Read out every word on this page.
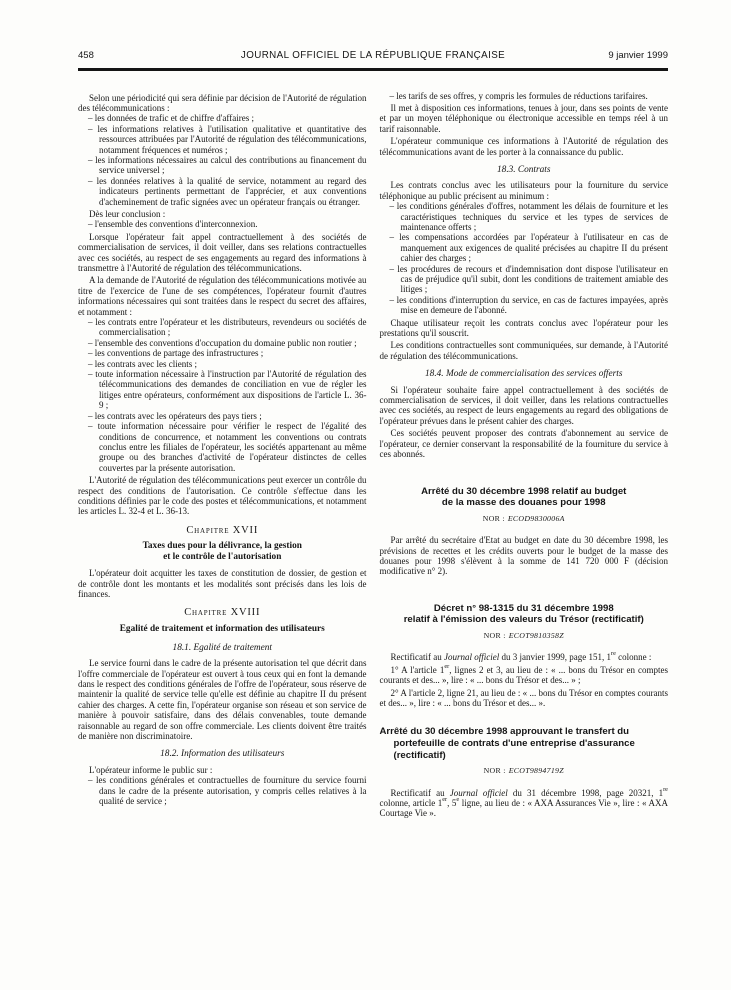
458	JOURNAL OFFICIEL DE LA RÉPUBLIQUE FRANÇAISE	9 janvier 1999

Selon une périodicité qui sera définie par décision de l'Autorité de régulation des télécommunications :

– les données de trafic et de chiffre d'affaires ;

– les informations relatives à l'utilisation qualitative et quantitative des ressources attribuées par l'Autorité de régulation des télécommunications, notamment fréquences et numéros ;

– les informations nécessaires au calcul des contributions au financement du service universel ;

– les données relatives à la qualité de service, notamment au regard des indicateurs pertinents permettant de l'apprécier, et aux conventions d'acheminement de trafic signées avec un opérateur français ou étranger.

Dès leur conclusion :

– l'ensemble des conventions d'interconnexion.

Lorsque l'opérateur fait appel contractuellement à des sociétés de commercialisation de services, il doit veiller, dans ses relations contractuelles avec ces sociétés, au respect de ses engagements au regard des informations à transmettre à l'Autorité de régulation des télécommunications.

A la demande de l'Autorité de régulation des télécommunications motivée au titre de l'exercice de l'une de ses compétences, l'opérateur fournit d'autres informations nécessaires qui sont traitées dans le respect du secret des affaires, et notamment :

– les contrats entre l'opérateur et les distributeurs, revendeurs ou sociétés de commercialisation ;

– l'ensemble des conventions d'occupation du domaine public non routier ;

– les conventions de partage des infrastructures ;

– les contrats avec les clients ;

– toute information nécessaire à l'instruction par l'Autorité de régulation des télécommunications des demandes de conciliation en vue de régler les litiges entre opérateurs, conformément aux dispositions de l'article L. 36-9 ;

– les contrats avec les opérateurs des pays tiers ;

– toute information nécessaire pour vérifier le respect de l'égalité des conditions de concurrence, et notamment les conventions ou contrats conclus entre les filiales de l'opérateur, les sociétés appartenant au même groupe ou des branches d'activité de l'opérateur distinctes de celles couvertes par la présente autorisation.

L'Autorité de régulation des télécommunications peut exercer un contrôle du respect des conditions de l'autorisation. Ce contrôle s'effectue dans les conditions définies par le code des postes et télécommunications, et notamment les articles L. 32-4 et L. 36-13.

Chapitre XVII

Taxes dues pour la délivrance, la gestion
et le contrôle de l'autorisation

L'opérateur doit acquitter les taxes de constitution de dossier, de gestion et de contrôle dont les montants et les modalités sont précisés dans les lois de finances.

Chapitre XVIII

Egalité de traitement et information des utilisateurs

18.1. Egalité de traitement

Le service fourni dans le cadre de la présente autorisation tel que décrit dans l'offre commerciale de l'opérateur est ouvert à tous ceux qui en font la demande dans le respect des conditions générales de l'offre de l'opérateur, sous réserve de maintenir la qualité de service telle qu'elle est définie au chapitre II du présent cahier des charges. A cette fin, l'opérateur organise son réseau et son service de manière à pouvoir satisfaire, dans des délais convenables, toute demande raisonnable au regard de son offre commerciale. Les clients doivent être traités de manière non discriminatoire.

18.2. Information des utilisateurs

L'opérateur informe le public sur :

– les conditions générales et contractuelles de fourniture du service fourni dans le cadre de la présente autorisation, y compris celles relatives à la qualité de service ;

– les tarifs de ses offres, y compris les formules de réductions tarifaires.

Il met à disposition ces informations, tenues à jour, dans ses points de vente et par un moyen téléphonique ou électronique accessible en temps réel à un tarif raisonnable.

L'opérateur communique ces informations à l'Autorité de régulation des télécommunications avant de les porter à la connaissance du public.

18.3. Contrats

Les contrats conclus avec les utilisateurs pour la fourniture du service téléphonique au public précisent au minimum :

– les conditions générales d'offres, notamment les délais de fourniture et les caractéristiques techniques du service et les types de services de maintenance offerts ;

– les compensations accordées par l'opérateur à l'utilisateur en cas de manquement aux exigences de qualité précisées au chapitre II du présent cahier des charges ;

– les procédures de recours et d'indemnisation dont dispose l'utilisateur en cas de préjudice qu'il subit, dont les conditions de traitement amiable des litiges ;

– les conditions d'interruption du service, en cas de factures impayées, après mise en demeure de l'abonné.

Chaque utilisateur reçoit les contrats conclus avec l'opérateur pour les prestations qu'il souscrit.

Les conditions contractuelles sont communiquées, sur demande, à l'Autorité de régulation des télécommunications.

18.4. Mode de commercialisation des services offerts

Si l'opérateur souhaite faire appel contractuellement à des sociétés de commercialisation de services, il doit veiller, dans les relations contractuelles avec ces sociétés, au respect de leurs engagements au regard des obligations de l'opérateur prévues dans le présent cahier des charges.

Ces sociétés peuvent proposer des contrats d'abonnement au service de l'opérateur, ce dernier conservant la responsabilité de la fourniture du service à ces abonnés.

Arrêté du 30 décembre 1998 relatif au budget
de la masse des douanes pour 1998

NOR : ECOD9830006A

Par arrêté du secrétaire d'Etat au budget en date du 30 décembre 1998, les prévisions de recettes et les crédits ouverts pour le budget de la masse des douanes pour 1998 s'élèvent à la somme de 141 720 000 F (décision modificative n° 2).

Décret n° 98-1315 du 31 décembre 1998
relatif à l'émission des valeurs du Trésor (rectificatif)

NOR : ECOT9810358Z

Rectificatif au Journal officiel du 3 janvier 1999, page 151, 1re colonne :

1° A l'article 1er, lignes 2 et 3, au lieu de : « ... bons du Trésor en comptes courants et des... », lire : « ... bons du Trésor et des... » ;

2° A l'article 2, ligne 21, au lieu de : « ... bons du Trésor en comptes courants et des... », lire : « ... bons du Trésor et des... ».

Arrêté du 30 décembre 1998 approuvant le transfert du
portefeuille de contrats d'une entreprise d'assurance
(rectificatif)

NOR : ECOT9894719Z

Rectificatif au Journal officiel du 31 décembre 1998, page 20321, 1re colonne, article 1er, 5e ligne, au lieu de : « AXA Assurances Vie », lire : « AXA Courtage Vie ».
